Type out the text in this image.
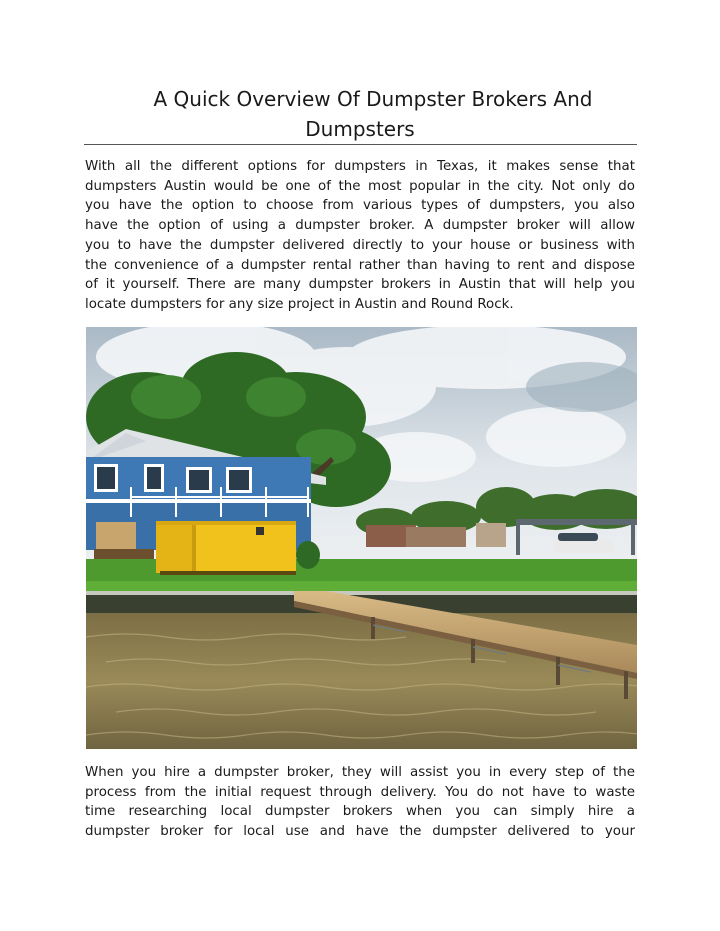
A Quick Overview Of Dumpster Brokers And
Dumpsters

With all the different options for dumpsters in Texas, it makes sense that
dumpsters Austin would be one of the most popular in the city. Not only do
you have the option to choose from various types of dumpsters, you also
have the option of using a dumpster broker. A dumpster broker will allow
you to have the dumpster delivered directly to your house or business with
the convenience of a dumpster rental rather than having to rent and dispose
of it yourself. There are many dumpster brokers in Austin that will help you
locate dumpsters for any size project in Austin and Round Rock.

When you hire a dumpster broker, they will assist you in every step of the
process from the initial request through delivery. You do not have to waste
time researching local dumpster brokers when you can simply hire a
dumpster broker for local use and have the dumpster delivered to your
